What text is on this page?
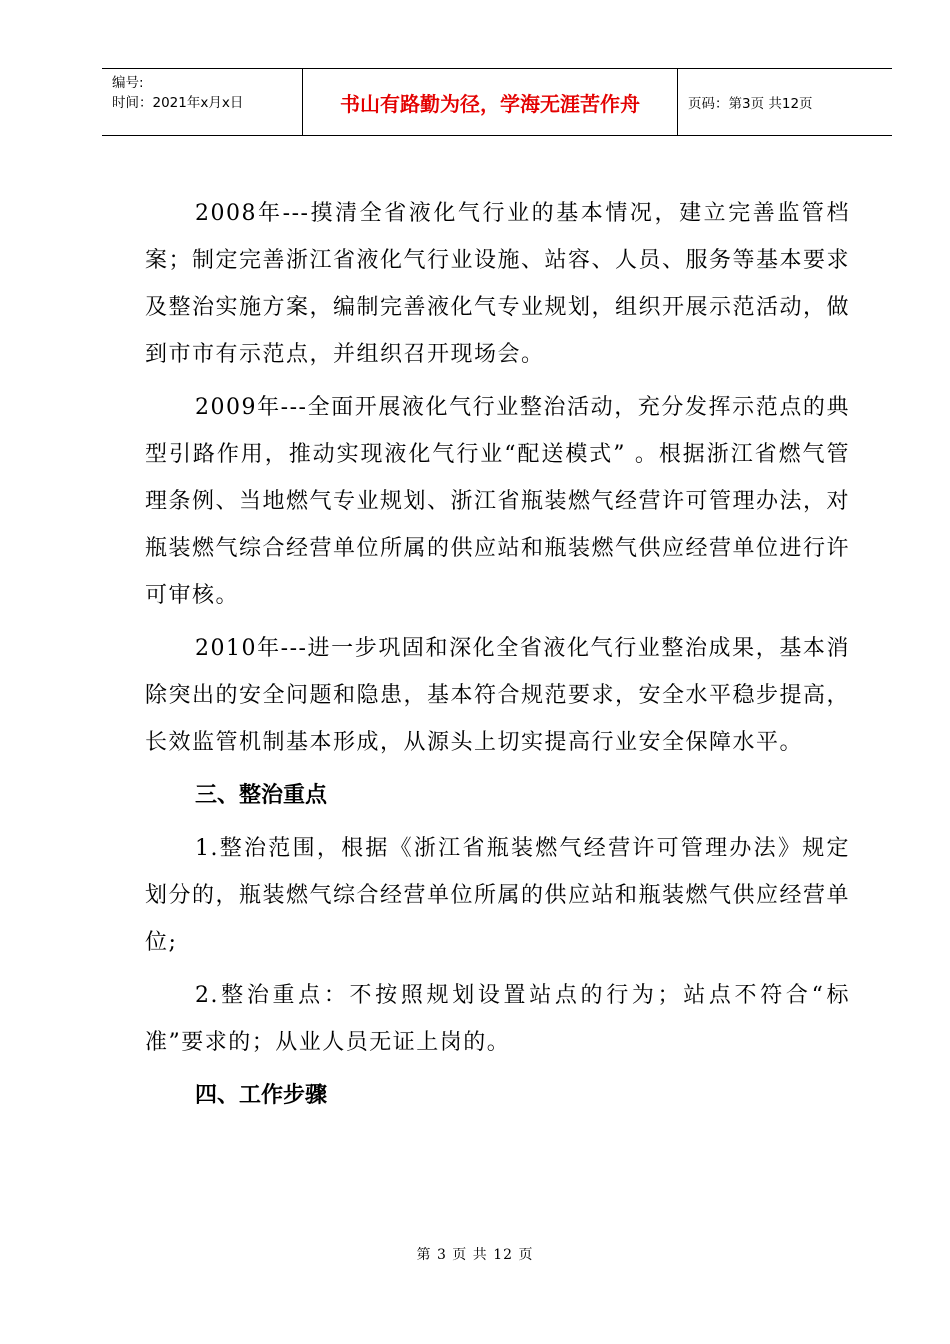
编号:
时间：2021年x月x日	书山有路勤为径，学海无涯苦作舟	页码：第3页 共12页

2008年---摸清全省液化气行业的基本情况，建立完善监管档案；制定完善浙江省液化气行业设施、站容、人员、服务等基本要求及整治实施方案，编制完善液化气专业规划，组织开展示范活动，做到市市有示范点，并组织召开现场会。

2009年---全面开展液化气行业整治活动，充分发挥示范点的典型引路作用，推动实现液化气行业“配送模式” 。根据浙江省燃气管理条例、当地燃气专业规划、浙江省瓶装燃气经营许可管理办法，对瓶装燃气综合经营单位所属的供应站和瓶装燃气供应经营单位进行许可审核。

2010年---进一步巩固和深化全省液化气行业整治成果，基本消除突出的安全问题和隐患，基本符合规范要求，安全水平稳步提高，长效监管机制基本形成，从源头上切实提高行业安全保障水平。

三、整治重点

1.整治范围，根据《浙江省瓶装燃气经营许可管理办法》规定划分的，瓶装燃气综合经营单位所属的供应站和瓶装燃气供应经营单位;

2.整治重点：不按照规划设置站点的行为；站点不符合“标准”要求的；从业人员无证上岗的。

四、工作步骤
第 3 页 共 12 页
